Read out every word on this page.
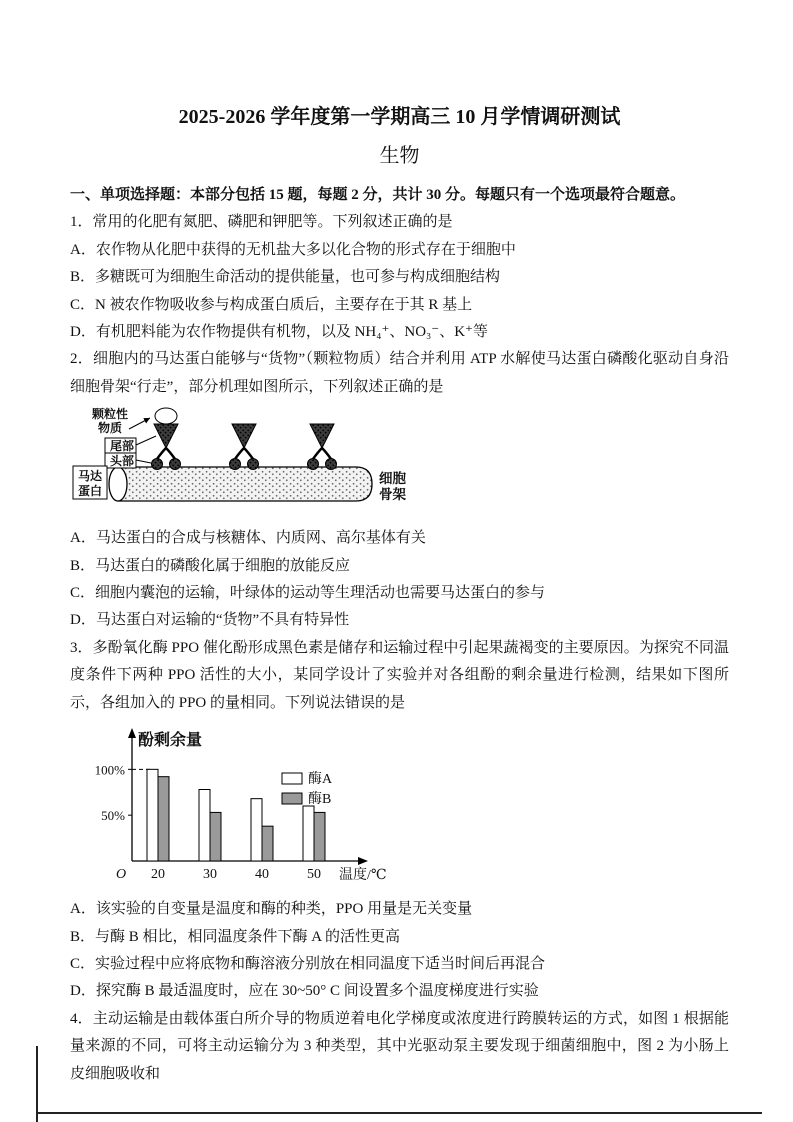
2025-2026 学年度第一学期高三 10 月学情调研测试
生物

一、单项选择题：本部分包括 15 题，每题 2 分，共计 30 分。每题只有一个选项最符合题意。

1．常用的化肥有氮肥、磷肥和钾肥等。下列叙述正确的是

A．农作物从化肥中获得的无机盐大多以化合物的形式存在于细胞中

B．多糖既可为细胞生命活动的提供能量，也可参与构成细胞结构

C．N 被农作物吸收参与构成蛋白质后，主要存在于其 R 基上

D．有机肥料能为农作物提供有机物，以及 NH₄⁺、NO₃⁻、K⁺等

2．细胞内的马达蛋白能够与“货物”（颗粒物质）结合并利用 ATP 水解使马达蛋白磷酸化驱动自身沿细胞骨架“行走”，部分机理如图所示，下列叙述正确的是

颗粒性
物质
尾部
头部
马达
蛋白
细胞
骨架

A．马达蛋白的合成与核糖体、内质网、高尔基体有关

B．马达蛋白的磷酸化属于细胞的放能反应

C．细胞内囊泡的运输，叶绿体的运动等生理活动也需要马达蛋白的参与

D．马达蛋白对运输的“货物”不具有特异性

3．多酚氧化酶 PPO 催化酚形成黑色素是储存和运输过程中引起果蔬褐变的主要原因。为探究不同温度条件下两种 PPO 活性的大小，某同学设计了实验并对各组酚的剩余量进行检测，结果如下图所示，各组加入的 PPO 的量相同。下列说法错误的是

酚剩余量
O	温度/℃
100%
50%
20	30	40	50
酶A
酶B

A．该实验的自变量是温度和酶的种类，PPO 用量是无关变量

B．与酶 B 相比，相同温度条件下酶 A 的活性更高

C．实验过程中应将底物和酶溶液分别放在相同温度下适当时间后再混合

D．探究酶 B 最适温度时，应在 30~50° C 间设置多个温度梯度进行实验

4．主动运输是由载体蛋白所介导的物质逆着电化学梯度或浓度进行跨膜转运的方式，如图 1 根据能量来源的不同，可将主动运输分为 3 种类型，其中光驱动泵主要发现于细菌细胞中，图 2 为小肠上皮细胞吸收和
